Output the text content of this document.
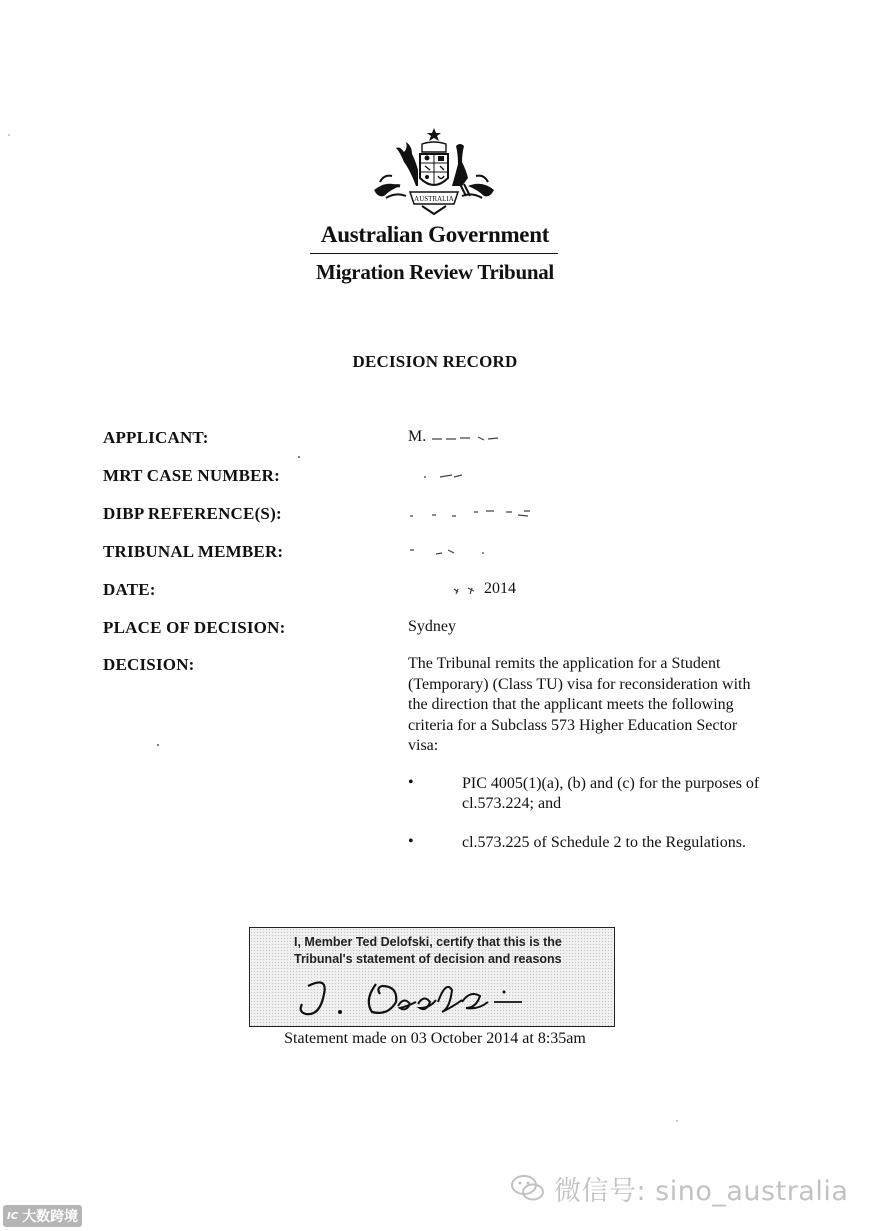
AUSTRALIA
Australian Government
Migration Review Tribunal
DECISION RECORD
APPLICANT:	M.
MRT CASE NUMBER:
DIBP REFERENCE(S):
TRIBUNAL MEMBER:
DATE:	2014
PLACE OF DECISION:	Sydney
DECISION:	The Tribunal remits the application for a Student (Temporary) (Class TU) visa for reconsideration with the direction that the applicant meets the following criteria for a Subclass 573 Higher Education Sector visa:
•	PIC 4005(1)(a), (b) and (c) for the purposes of cl.573.224; and
•	cl.573.225 of Schedule 2 to the Regulations.
I, Member Ted Delofski, certify that this is the Tribunal's statement of decision and reasons
Statement made on 03 October 2014 at 8:35am
微信号: sino_australia
IC 大数跨境
